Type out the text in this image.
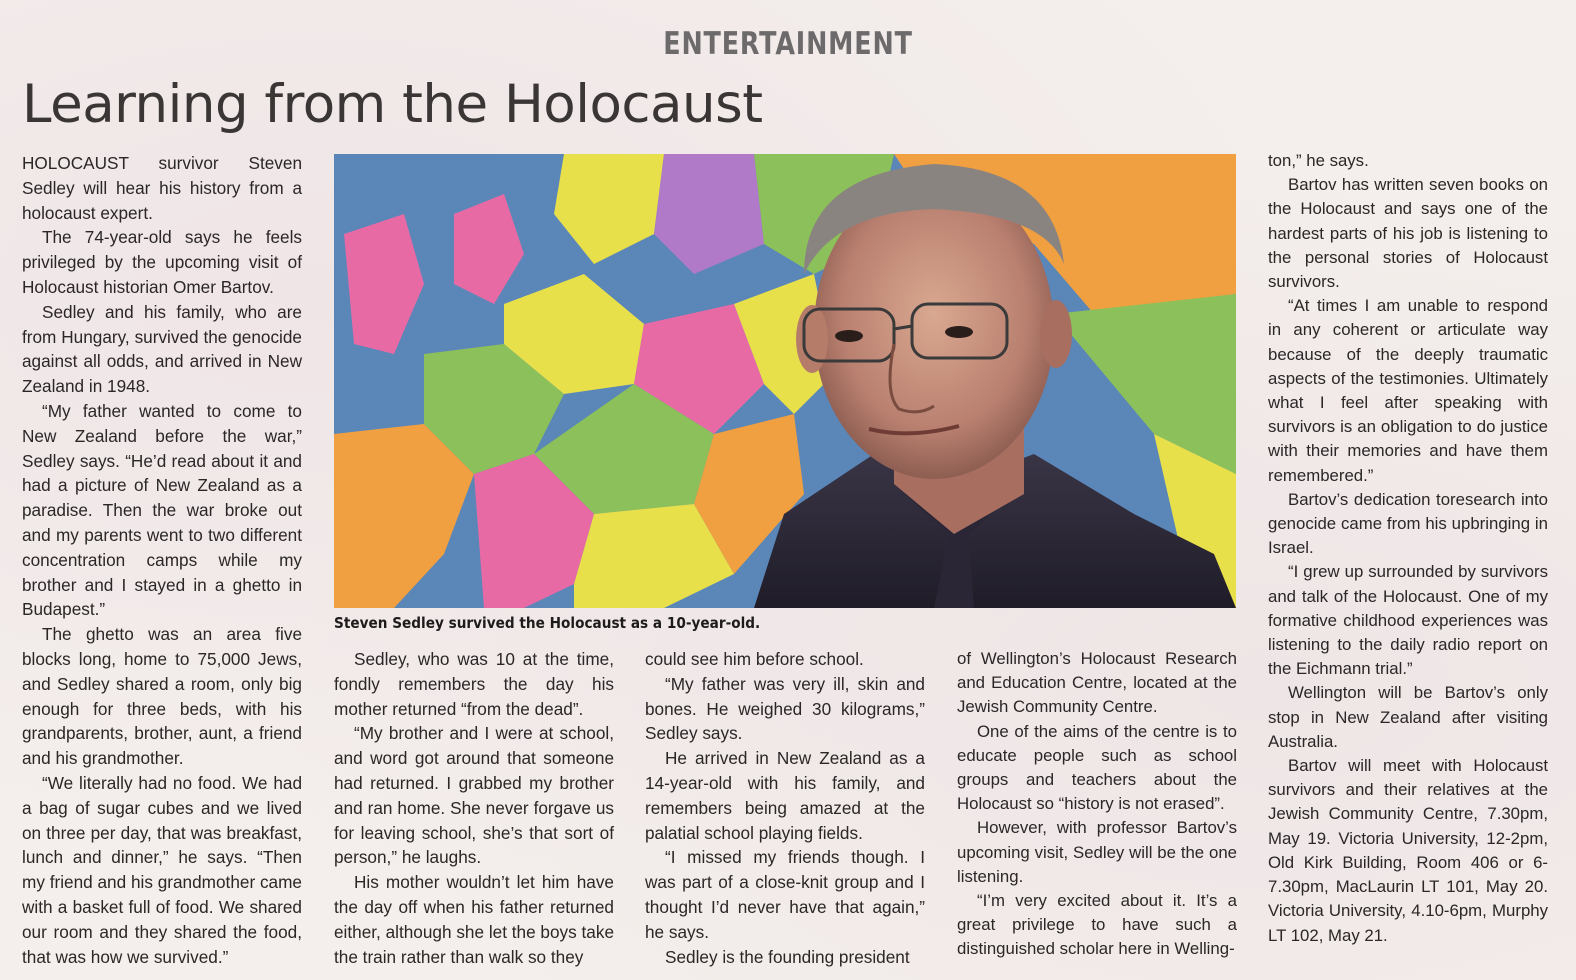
ENTERTAINMENT
Learning from the Holocaust

HOLOCAUST survivor Steven Sedley will hear his history from a holocaust expert.

The 74-year-old says he feels privileged by the upcoming visit of Holocaust historian Omer Bartov.

Sedley and his family, who are from Hungary, survived the genocide against all odds, and arrived in New Zealand in 1948.

“My father wanted to come to New Zealand before the war,” Sedley says. “He’d read about it and had a picture of New Zealand as a paradise. Then the war broke out and my parents went to two different concentration camps while my brother and I stayed in a ghetto in Budapest.”

The ghetto was an area five blocks long, home to 75,000 Jews, and Sedley shared a room, only big enough for three beds, with his grandparents, brother, aunt, a friend and his grandmother.

“We literally had no food. We had a bag of sugar cubes and we lived on three per day, that was breakfast, lunch and dinner,” he says. “Then my friend and his grandmother came with a basket full of food. We shared our room and they shared the food, that was how we survived.”

Steven Sedley survived the Holocaust as a 10-year-old.

Sedley, who was 10 at the time, fondly remembers the day his mother returned “from the dead”.

“My brother and I were at school, and word got around that someone had returned. I grabbed my brother and ran home. She never forgave us for leaving school, she’s that sort of person,” he laughs.

His mother wouldn’t let him have the day off when his father returned either, although she let the boys take the train rather than walk so they

could see him before school.

“My father was very ill, skin and bones. He weighed 30 kilograms,” Sedley says.

He arrived in New Zealand as a 14-year-old with his family, and remembers being amazed at the palatial school playing fields.

“I missed my friends though. I was part of a close-knit group and I thought I’d never have that again,” he says.

Sedley is the founding president

of Wellington’s Holocaust Research and Education Centre, located at the Jewish Community Centre.

One of the aims of the centre is to educate people such as school groups and teachers about the Holocaust so “history is not erased”.

However, with professor Bartov’s upcoming visit, Sedley will be the one listening.

“I’m very excited about it. It’s a great privilege to have such a distinguished scholar here in Welling-

ton,” he says.

Bartov has written seven books on the Holocaust and says one of the hardest parts of his job is listening to the personal stories of Holocaust survivors.

“At times I am unable to respond in any coherent or articulate way because of the deeply traumatic aspects of the testimonies. Ultimately what I feel after speaking with survivors is an obligation to do justice with their memories and have them remembered.”

Bartov’s dedication toresearch into genocide came from his upbringing in Israel.

“I grew up surrounded by survivors and talk of the Holocaust. One of my formative childhood experiences was listening to the daily radio report on the Eichmann trial.”

Wellington will be Bartov’s only stop in New Zealand after visiting Australia.

Bartov will meet with Holocaust survivors and their relatives at the Jewish Community Centre, 7.30pm, May 19. Victoria University, 12-2pm, Old Kirk Building, Room 406 or 6-7.30pm, MacLaurin LT 101, May 20. Victoria University, 4.10-6pm, Murphy LT 102, May 21.
